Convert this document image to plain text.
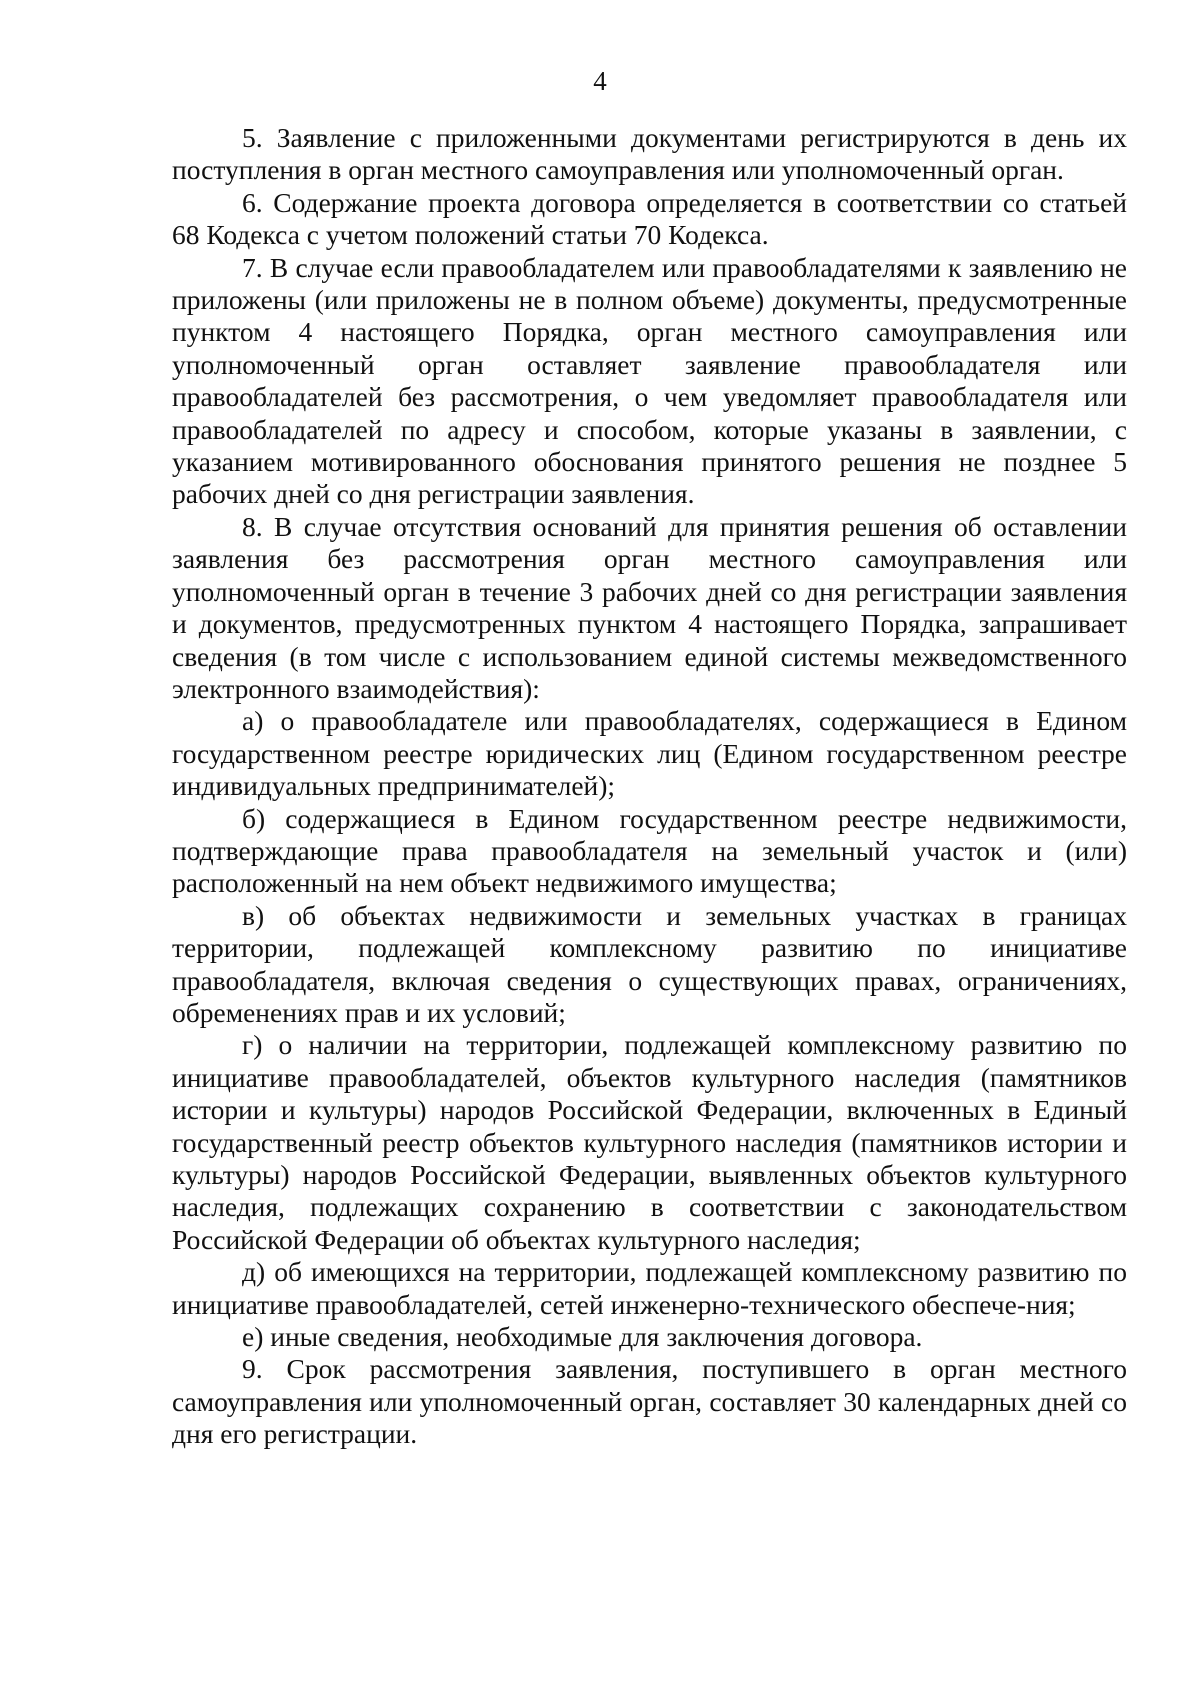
4

5. Заявление с приложенными документами регистрируются в день их поступления в орган местного самоуправления или уполномоченный орган.

6. Содержание проекта договора определяется в соответствии со статьей 68 Кодекса с учетом положений статьи 70 Кодекса.

7. В случае если правообладателем или правообладателями к заявлению не приложены (или приложены не в полном объеме) документы, предусмотренные пунктом 4 настоящего Порядка, орган местного самоуправления или уполномоченный орган оставляет заявление правообладателя или правообладателей без рассмотрения, о чем уведомляет правообладателя или правообладателей по адресу и способом, которые указаны в заявлении, с указанием мотивированного обоснования принятого решения не позднее 5 рабочих дней со дня регистрации заявления.

8. В случае отсутствия оснований для принятия решения об оставлении заявления без рассмотрения орган местного самоуправления или уполномоченный орган в течение 3 рабочих дней со дня регистрации заявления и документов, предусмотренных пунктом 4 настоящего Порядка, запрашивает сведения (в том числе с использованием единой системы межведомственного электронного взаимодействия):

а) о правообладателе или правообладателях, содержащиеся в Едином государственном реестре юридических лиц (Едином государственном реестре индивидуальных предпринимателей);

б) содержащиеся в Едином государственном реестре недвижимости, подтверждающие права правообладателя на земельный участок и (или) расположенный на нем объект недвижимого имущества;

в) об объектах недвижимости и земельных участках в границах территории, подлежащей комплексному развитию по инициативе правообладателя, включая сведения о существующих правах, ограничениях, обременениях прав и их условий;

г) о наличии на территории, подлежащей комплексному развитию по инициативе правообладателей, объектов культурного наследия (памятников истории и культуры) народов Российской Федерации, включенных в Единый государственный реестр объектов культурного наследия (памятников истории и культуры) народов Российской Федерации, выявленных объектов культурного наследия, подлежащих сохранению в соответствии с законодательством Российской Федерации об объектах культурного наследия;

д) об имеющихся на территории, подлежащей комплексному развитию по инициативе правообладателей, сетей инженерно-технического обеспече-ния;

е) иные сведения, необходимые для заключения договора.

9. Срок рассмотрения заявления, поступившего в орган местного самоуправления или уполномоченный орган, составляет 30 календарных дней со дня его регистрации.
